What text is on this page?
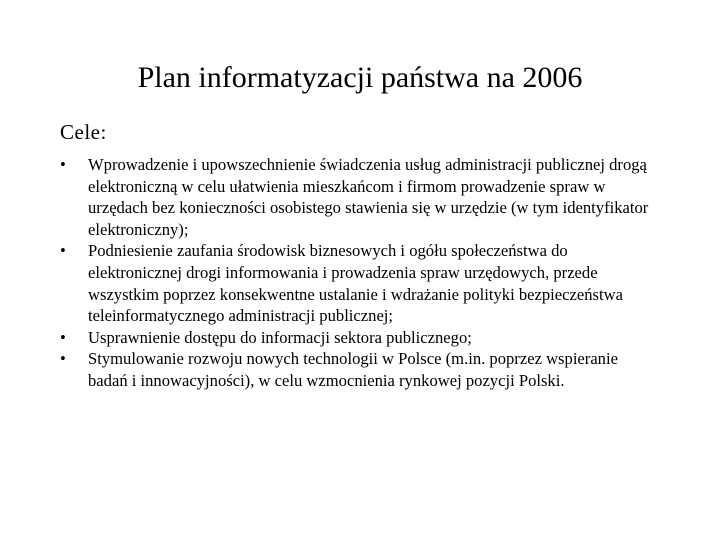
Plan informatyzacji państwa na 2006
Cele:
•	Wprowadzenie i upowszechnienie świadczenia usług administracji publicznej drogą elektroniczną w celu ułatwienia mieszkańcom i firmom prowadzenie spraw w urzędach bez konieczności osobistego stawienia się w urzędzie (w tym identyfikator elektroniczny);
•	Podniesienie zaufania środowisk biznesowych i ogółu społeczeństwa do elektronicznej drogi informowania i prowadzenia spraw urzędowych, przede wszystkim poprzez konsekwentne ustalanie i wdrażanie polityki bezpieczeństwa teleinformatycznego administracji publicznej;
•	Usprawnienie dostępu do informacji sektora publicznego;
•	Stymulowanie rozwoju nowych technologii w Polsce (m.in. poprzez wspieranie badań i innowacyjności), w celu wzmocnienia rynkowej pozycji Polski.
